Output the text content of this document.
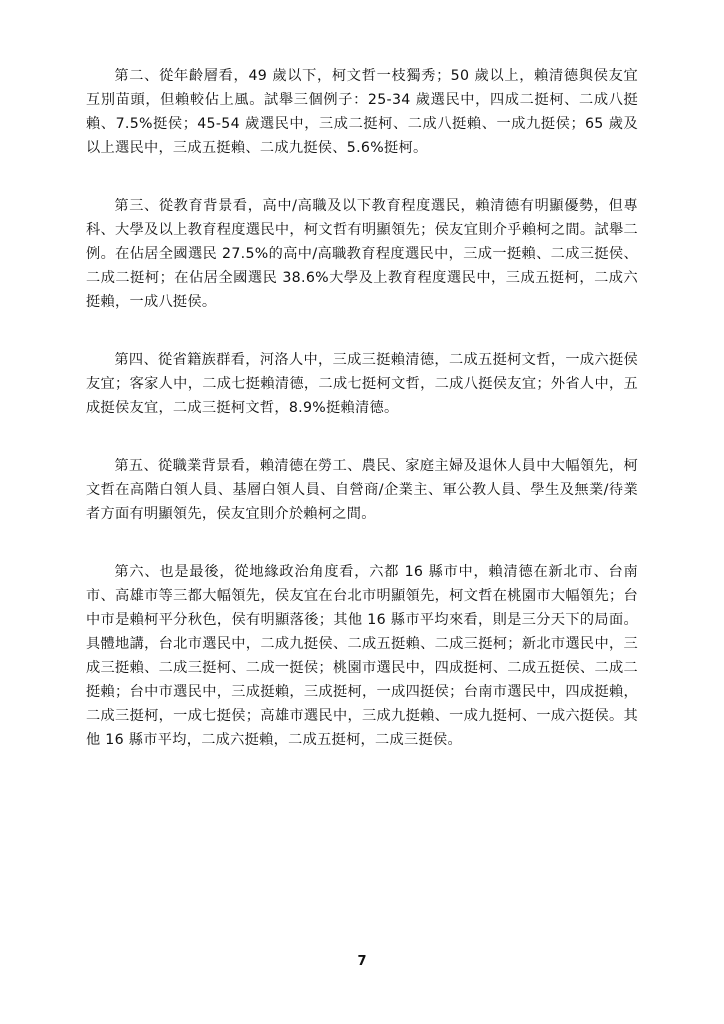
第二、從年齡層看，49 歲以下，柯文哲一枝獨秀；50 歲以上，賴清德與侯友宜互別苗頭，但賴較佔上風。試舉三個例子：25-34 歲選民中，四成二挺柯、二成八挺賴、7.5%挺侯；45-54 歲選民中，三成二挺柯、二成八挺賴、一成九挺侯；65 歲及以上選民中，三成五挺賴、二成九挺侯、5.6%挺柯。

第三、從教育背景看，高中/高職及以下教育程度選民，賴清德有明顯優勢，但專科、大學及以上教育程度選民中，柯文哲有明顯領先；侯友宜則介乎賴柯之間。試舉二例。在佔居全國選民 27.5%的高中/高職教育程度選民中，三成一挺賴、二成三挺侯、二成二挺柯；在佔居全國選民 38.6%大學及上教育程度選民中，三成五挺柯，二成六挺賴，一成八挺侯。

第四、從省籍族群看，河洛人中，三成三挺賴清德，二成五挺柯文哲，一成六挺侯友宜；客家人中，二成七挺賴清德，二成七挺柯文哲，二成八挺侯友宜；外省人中，五成挺侯友宜，二成三挺柯文哲，8.9%挺賴清德。

第五、從職業背景看，賴清德在勞工、農民、家庭主婦及退休人員中大幅領先，柯文哲在高階白領人員、基層白領人員、自營商/企業主、軍公教人員、學生及無業/待業者方面有明顯領先，侯友宜則介於賴柯之間。

第六、也是最後，從地緣政治角度看，六都 16 縣市中，賴清德在新北市、台南市、高雄市等三都大幅領先，侯友宜在台北市明顯領先，柯文哲在桃園市大幅領先；台中市是賴柯平分秋色，侯有明顯落後；其他 16 縣市平均來看，則是三分天下的局面。具體地講，台北市選民中，二成九挺侯、二成五挺賴、二成三挺柯；新北市選民中，三成三挺賴、二成三挺柯、二成一挺侯；桃園市選民中，四成挺柯、二成五挺侯、二成二挺賴；台中市選民中，三成挺賴，三成挺柯，一成四挺侯；台南市選民中，四成挺賴，二成三挺柯，一成七挺侯；高雄市選民中，三成九挺賴、一成九挺柯、一成六挺侯。其他 16 縣市平均，二成六挺賴，二成五挺柯，二成三挺侯。

7
